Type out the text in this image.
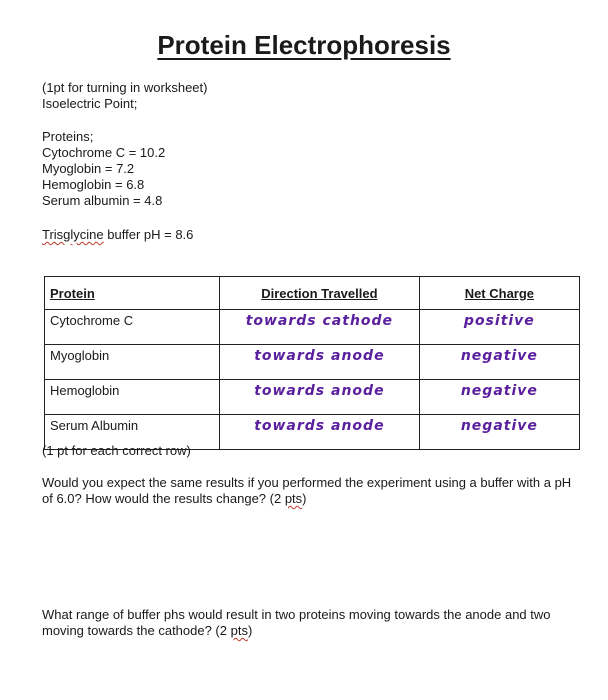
Protein Electrophoresis
(1pt for turning in worksheet)
Isoelectric Point;
Proteins;
Cytochrome C = 10.2
Myoglobin = 7.2
Hemoglobin = 6.8
Serum albumin = 4.8
Trisglycine buffer pH = 8.6
Protein	Direction Travelled	Net Charge
Cytochrome C	towards cathode	positive
Myoglobin	towards anode	negative
Hemoglobin	towards anode	negative
Serum Albumin	towards anode	negative
(1 pt for each correct row)
Would you expect the same results if you performed the experiment using a buffer with a pH of 6.0? How would the results change? (2 pts)
What range of buffer phs would result in two proteins moving towards the anode and two moving towards the cathode? (2 pts)
